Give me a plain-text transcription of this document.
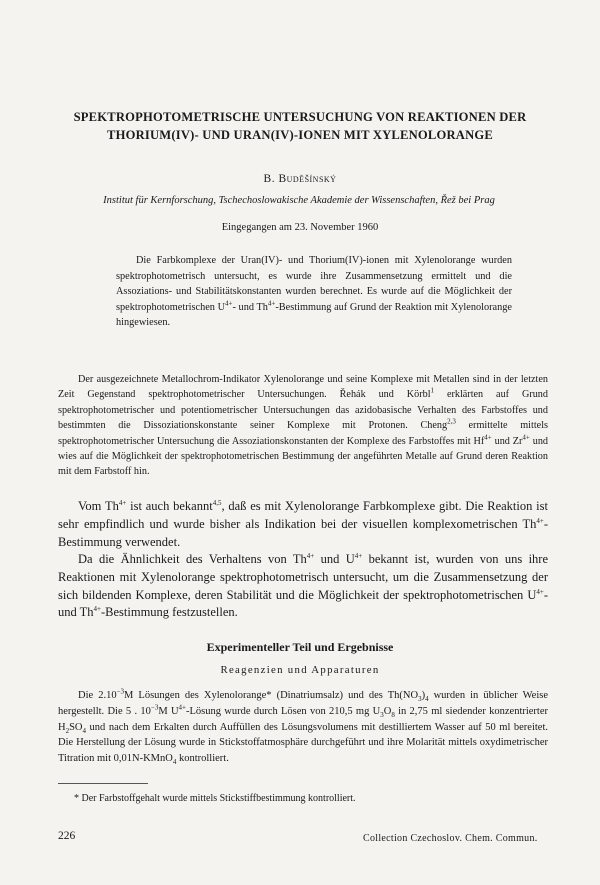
SPEKTROPHOTOMETRISCHE UNTERSUCHUNG VON REAKTIONEN DER THORIUM(IV)- UND URAN(IV)-IONEN MIT XYLENOLORANGE
B. Budĕšínský
Institut für Kernforschung, Tschechoslowakische Akademie der Wissenschaften, Řež bei Prag
Eingegangen am 23. November 1960

Die Farbkomplexe der Uran(IV)- und Thorium(IV)-ionen mit Xylenolorange wurden spektrophotometrisch untersucht, es wurde ihre Zusammensetzung ermittelt und die Assoziations- und Stabilitätskonstanten wurden berechnet. Es wurde auf die Möglichkeit der spektrophotometrischen $U^{4+}-$ und $Th^{4+}$-Bestimmung auf Grund der Reaktion mit Xylenolorange hingewiesen.

Der ausgezeichnete Metallochrom-Indikator Xylenolorange und seine Komplexe mit Metallen sind in der letzten Zeit Gegenstand spektrophotometrischer Untersuchungen. Řehák und Körbl$^1$ erklärten auf Grund spektrophotometrischer und potentiometrischer Untersuchungen das azidobasische Verhalten des Farbstoffes und bestimmten die Dissoziationskonstante seiner Komplexe mit Protonen. Cheng$^{2,3}$ ermittelte mittels spektrophotometrischer Untersuchung die Assoziationskonstanten der Komplexe des Farbstoffes mit $Hf^{4+}$ und $Zr^{4+}$ und wies auf die Möglichkeit der spektrophotometrischen Bestimmung der angeführten Metalle auf Grund deren Reaktion mit dem Farbstoff hin.

Vom $Th^{4+}$ ist auch bekannt$^{4,5}$, daß es mit Xylenolorange Farbkomplexe gibt. Die Reaktion ist sehr empfindlich und wurde bisher als Indikation bei der visuellen komplexometrischen $Th^{4+}$-Bestimmung verwendet.

Da die Ähnlichkeit des Verhaltens von $Th^{4+}$ und $U^{4+}$ bekannt ist, wurden von uns ihre Reaktionen mit Xylenolorange spektrophotometrisch untersucht, um die Zusammensetzung der sich bildenden Komplexe, deren Stabilität und die Möglichkeit der spektrophotometrischen $U^{4+}-$ und $Th^{4+}$-Bestimmung festzustellen.

Experimenteller Teil und Ergebnisse
Reagenzien und Apparaturen

Die $2.10^{-3}M$ Lösungen des Xylenolorange* (Dinatriumsalz) und des $Th(NO_3)_4$ wurden in üblicher Weise hergestellt. Die 5 . $10^{-3}M$ $U^{4+}$-Lösung wurde durch Lösen von 210,5 mg $U_3O_8$ in 2,75 ml siedender konzentrierter $H_2SO_4$ und nach dem Erkalten durch Auffüllen des Lösungsvolumens mit destilliertem Wasser auf 50 ml bereitet. Die Herstellung der Lösung wurde in Stickstoffatmosphäre durchgeführt und ihre Molarität mittels oxydimetrischer Titration mit 0,01N-KMnO$_4$ kontrolliert.

* Der Farbstoffgehalt wurde mittels Stickstiffbestimmung kontrolliert.
226	Collection Czechoslov. Chem. Commun.
